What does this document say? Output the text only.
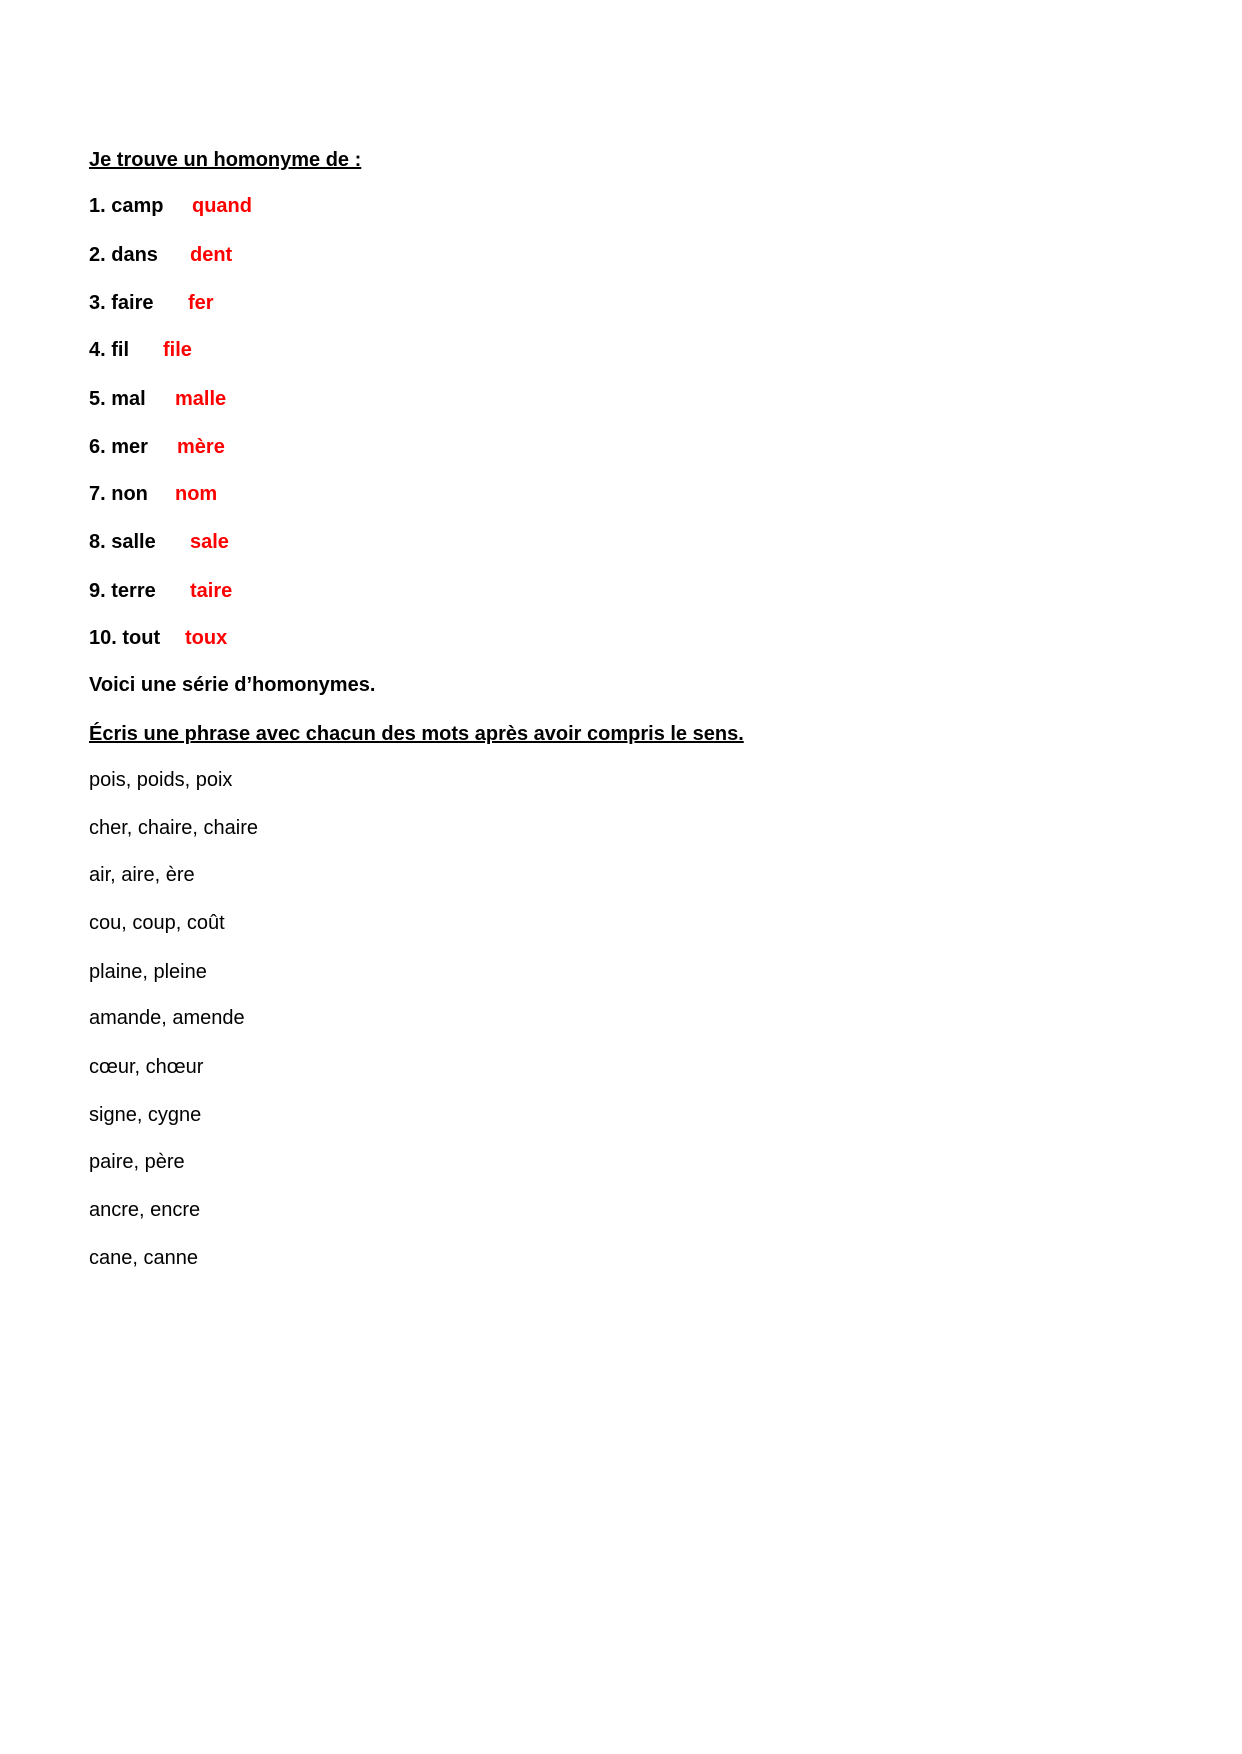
Je trouve un homonyme de :
1. camp quand
2. dans dent
3. faire fer
4. fil file
5. mal malle
6. mer mère
7. non nom
8. salle sale
9. terre taire
10. tout toux
Voici une série d’homonymes.
Écris une phrase avec chacun des mots après avoir compris le sens.
pois, poids, poix
cher, chaire, chaire
air, aire, ère
cou, coup, coût
plaine, pleine
amande, amende
cœur, chœur
signe, cygne
paire, père
ancre, encre
cane, canne
